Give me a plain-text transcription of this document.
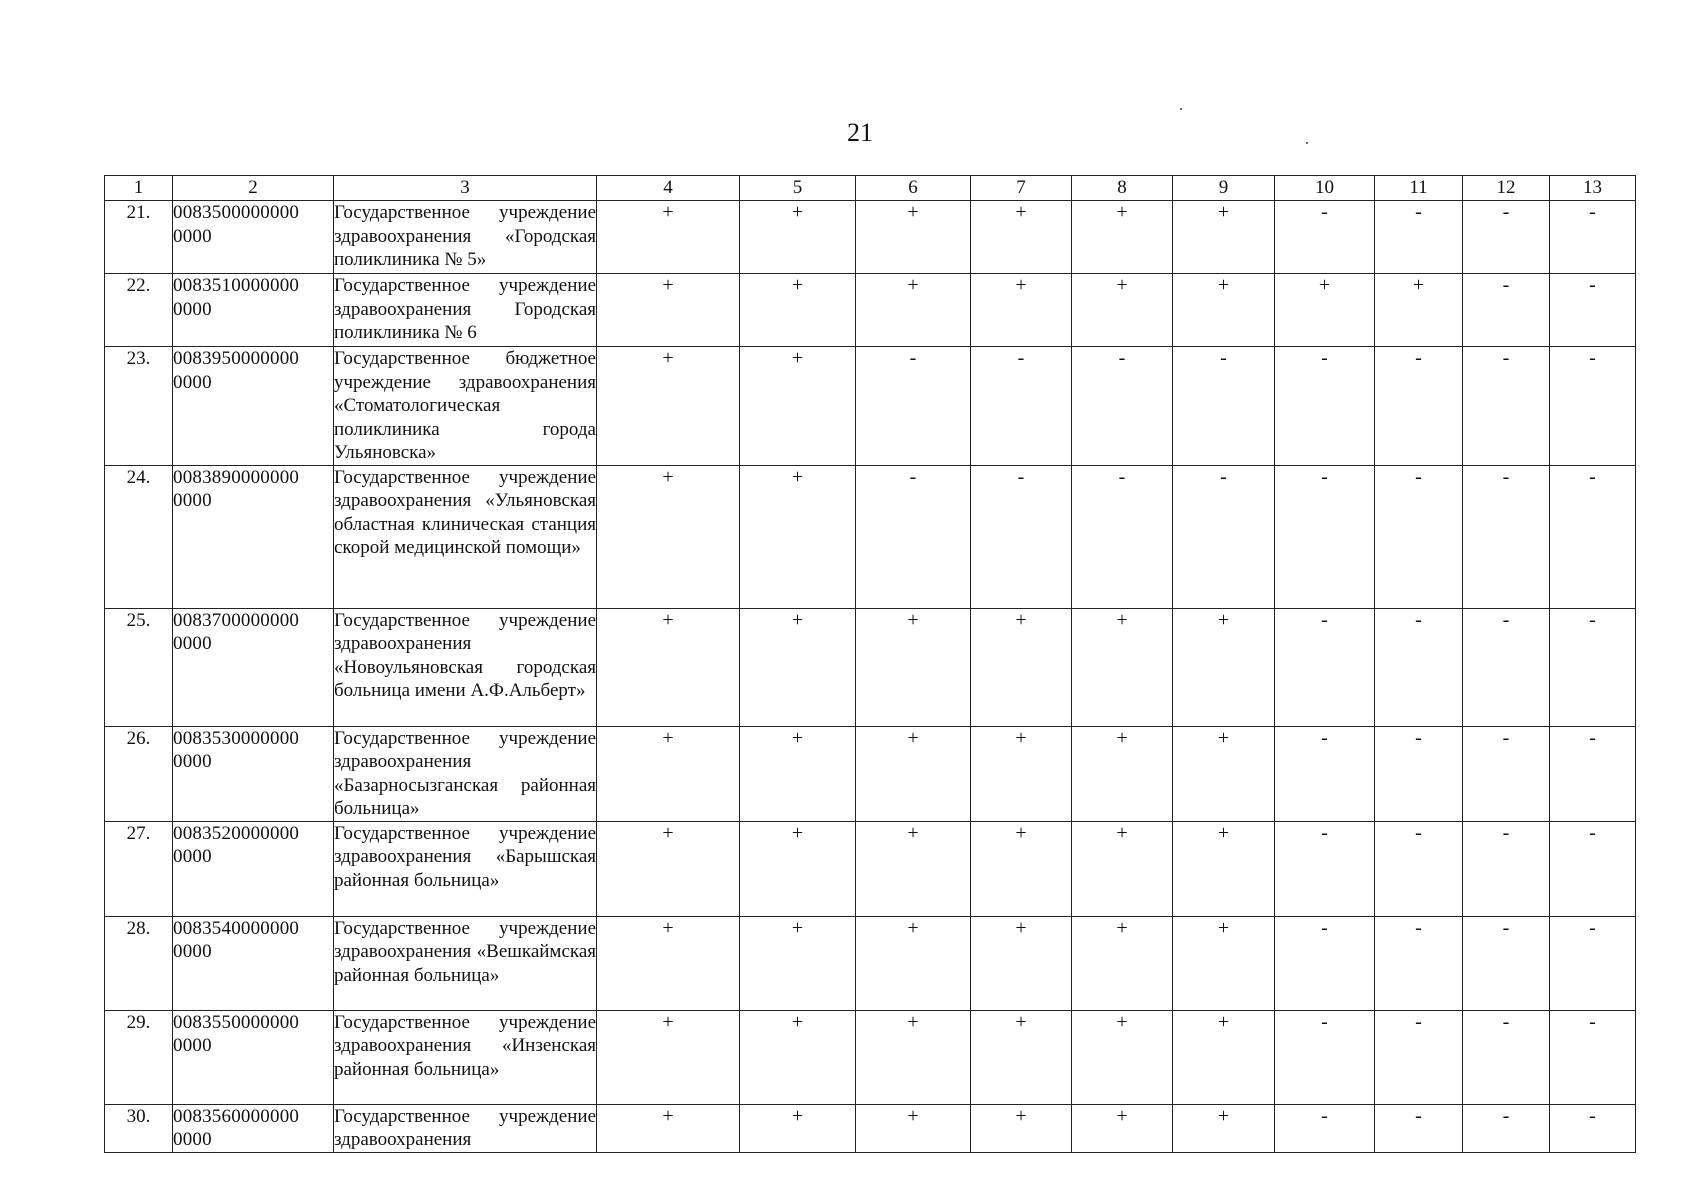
21
1	2	3	4	5	6	7	8	9	10	11	12	13
21.	0083500000000 0000	Государственное учреждение здравоохранения «Городская поликлиника № 5»	+	+	+	+	+	+	-	-	-	-
22.	0083510000000 0000	Государственное учреждение здравоохранения Городская поликлиника № 6	+	+	+	+	+	+	+	+	-	-
23.	0083950000000 0000	Государственное бюджетное учреждение здравоохранения «Стоматологическая поликлиника города Ульяновска»	+	+	-	-	-	-	-	-	-	-
24.	0083890000000 0000	Государственное учреждение здравоохранения «Ульяновская областная клиническая станция скорой медицинской помощи»	+	+	-	-	-	-	-	-	-	-
25.	0083700000000 0000	Государственное учреждение здравоохранения «Новоульяновская городская больница имени А.Ф.Альберт»	+	+	+	+	+	+	-	-	-	-
26.	0083530000000 0000	Государственное учреждение здравоохранения «Базарносызганская районная больница»	+	+	+	+	+	+	-	-	-	-
27.	0083520000000 0000	Государственное учреждение здравоохранения «Барышская районная больница»	+	+	+	+	+	+	-	-	-	-
28.	0083540000000 0000	Государственное учреждение здравоохранения «Вешкаймская районная больница»	+	+	+	+	+	+	-	-	-	-
29.	0083550000000 0000	Государственное учреждение здравоохранения «Инзенская районная больница»	+	+	+	+	+	+	-	-	-	-
30.	0083560000000 0000	Государственное учреждение здравоохранения	+	+	+	+	+	+	-	-	-	-
